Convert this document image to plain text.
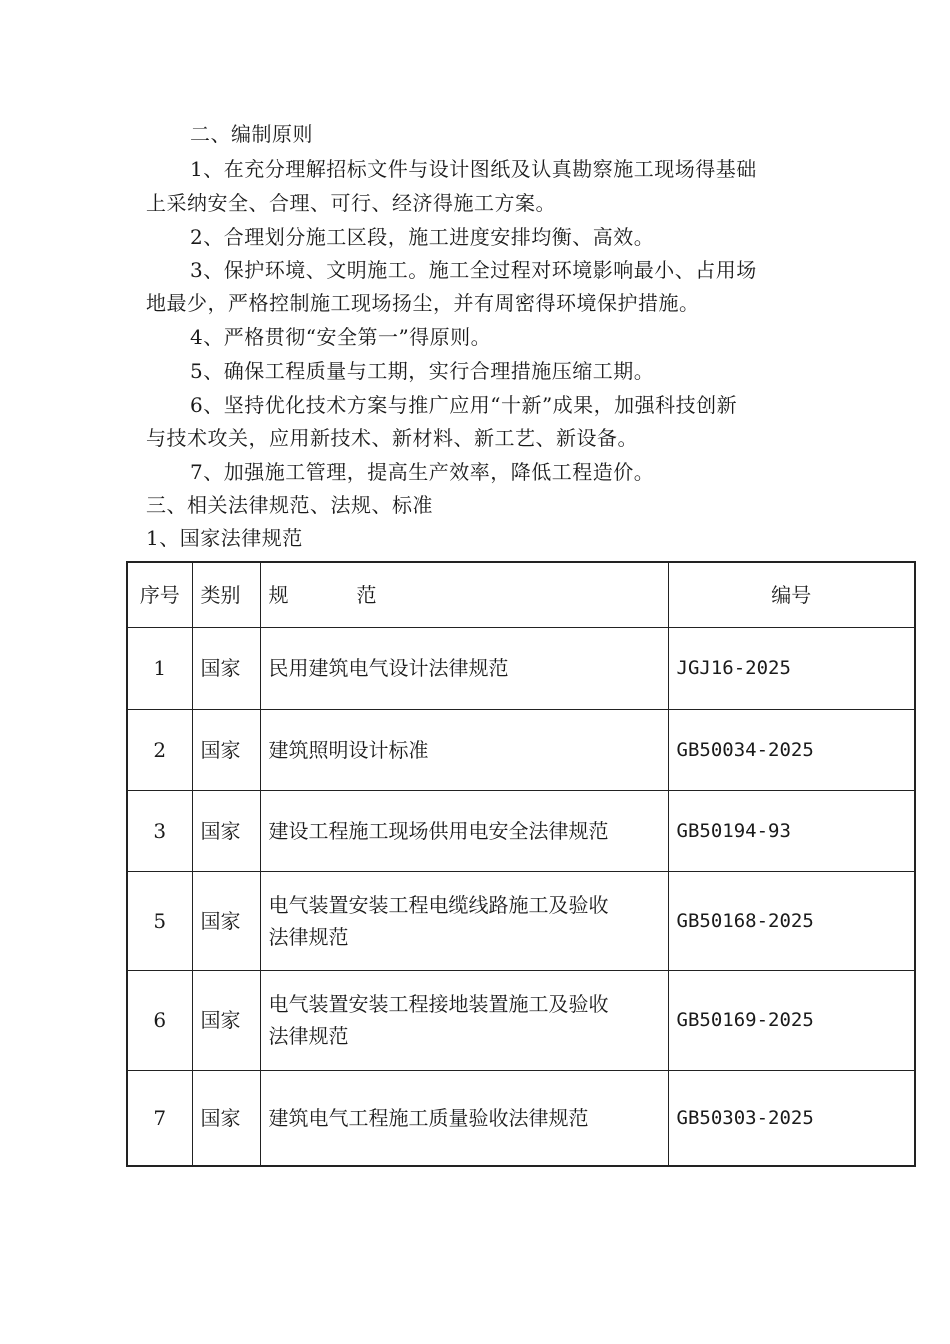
二、编制原则
1、在充分理解招标文件与设计图纸及认真勘察施工现场得基础
上采纳安全、合理、可行、经济得施工方案。
2、合理划分施工区段，施工进度安排均衡、高效。
3、保护环境、文明施工。施工全过程对环境影响最小、占用场
地最少，严格控制施工现场扬尘，并有周密得环境保护措施。
4、严格贯彻“安全第一”得原则。
5、确保工程质量与工期，实行合理措施压缩工期。
6、坚持优化技术方案与推广应用“十新”成果，加强科技创新
与技术攻关，应用新技术、新材料、新工艺、新设备。
7、加强施工管理，提高生产效率，降低工程造价。
三、相关法律规范、法规、标准
1、国家法律规范
序号	类别	规 范	编号
1	国家	民用建筑电气设计法律规范	JGJ16-2025
2	国家	建筑照明设计标准	GB50034-2025
3	国家	建设工程施工现场供用电安全法律规范	GB50194-93
5	国家	电气装置安装工程电缆线路施工及验收
法律规范	GB50168-2025
6	国家	电气装置安装工程接地装置施工及验收
法律规范	GB50169-2025
7	国家	建筑电气工程施工质量验收法律规范	GB50303-2025
